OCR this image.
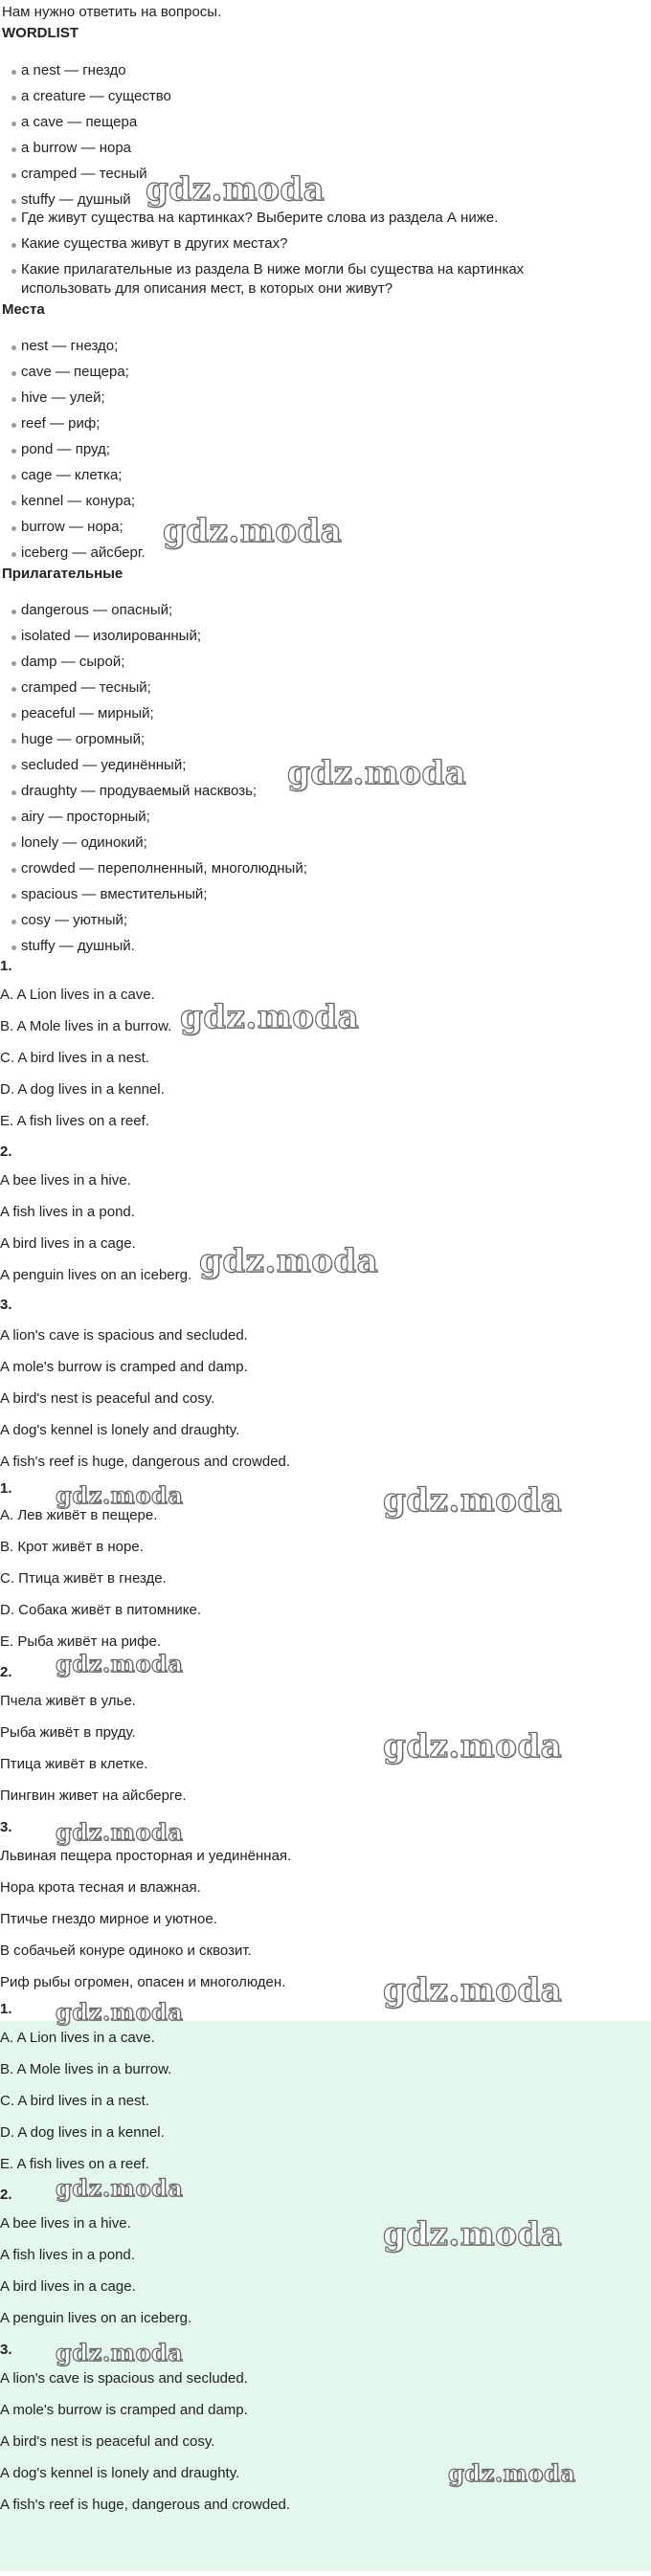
Нам нужно ответить на вопросы.
WORDLIST
a nest — гнездо
a creature — существо
a cave — пещера
a burrow — нора
cramped — тесный
stuffy — душный
Где живут существа на картинках? Выберите слова из раздела А ниже.
Какие существа живут в других местах?
Какие прилагательные из раздела В ниже могли бы существа на картинках
использовать для описания мест, в которых они живут?
Места
nest — гнездо;
cave — пещера;
hive — улей;
reef — риф;
pond — пруд;
cage — клетка;
kennel — конура;
burrow — нора;
iceberg — айсберг.
Прилагательные
dangerous — опасный;
isolated — изолированный;
damp — сырой;
cramped — тесный;
peaceful — мирный;
huge — огромный;
secluded — уединённый;
draughty — продуваемый насквозь;
airy — просторный;
lonely — одинокий;
crowded — переполненный, многолюдный;
spacious — вместительный;
cosy — уютный;
stuffy — душный.
1.
A. A Lion lives in a cave.
B. A Mole lives in a burrow.
C. A bird lives in a nest.
D. A dog lives in a kennel.
E. A fish lives on a reef.
2.
A bee lives in a hive.
A fish lives in a pond.
A bird lives in a cage.
A penguin lives on an iceberg.
3.
A lion's cave is spacious and secluded.
A mole's burrow is cramped and damp.
A bird's nest is peaceful and cosy.
A dog's kennel is lonely and draughty.
A fish's reef is huge, dangerous and crowded.
1.
A. Лев живёт в пещере.
B. Крот живёт в норе.
C. Птица живёт в гнезде.
D. Собака живёт в питомнике.
E. Рыба живёт на рифе.
2.
Пчела живёт в улье.
Рыба живёт в пруду.
Птица живёт в клетке.
Пингвин живет на айсберге.
3.
Львиная пещера просторная и уединённая.
Нора крота тесная и влажная.
Птичье гнездо мирное и уютное.
В собачьей конуре одиноко и сквозит.
Риф рыбы огромен, опасен и многолюден.
1.
A. A Lion lives in a cave.
B. A Mole lives in a burrow.
C. A bird lives in a nest.
D. A dog lives in a kennel.
E. A fish lives on a reef.
2.
A bee lives in a hive.
A fish lives in a pond.
A bird lives in a cage.
A penguin lives on an iceberg.
3.
A lion's cave is spacious and secluded.
A mole's burrow is cramped and damp.
A bird's nest is peaceful and cosy.
A dog's kennel is lonely and draughty.
A fish's reef is huge, dangerous and crowded.
gdz.moda
gdz.moda
gdz.moda
gdz.moda
gdz.moda
gdz.moda	gdz.moda
gdz.moda
gdz.moda
gdz.moda
gdz.moda
gdz.moda
gdz.moda
gdz.moda
gdz.moda
gdz.moda
